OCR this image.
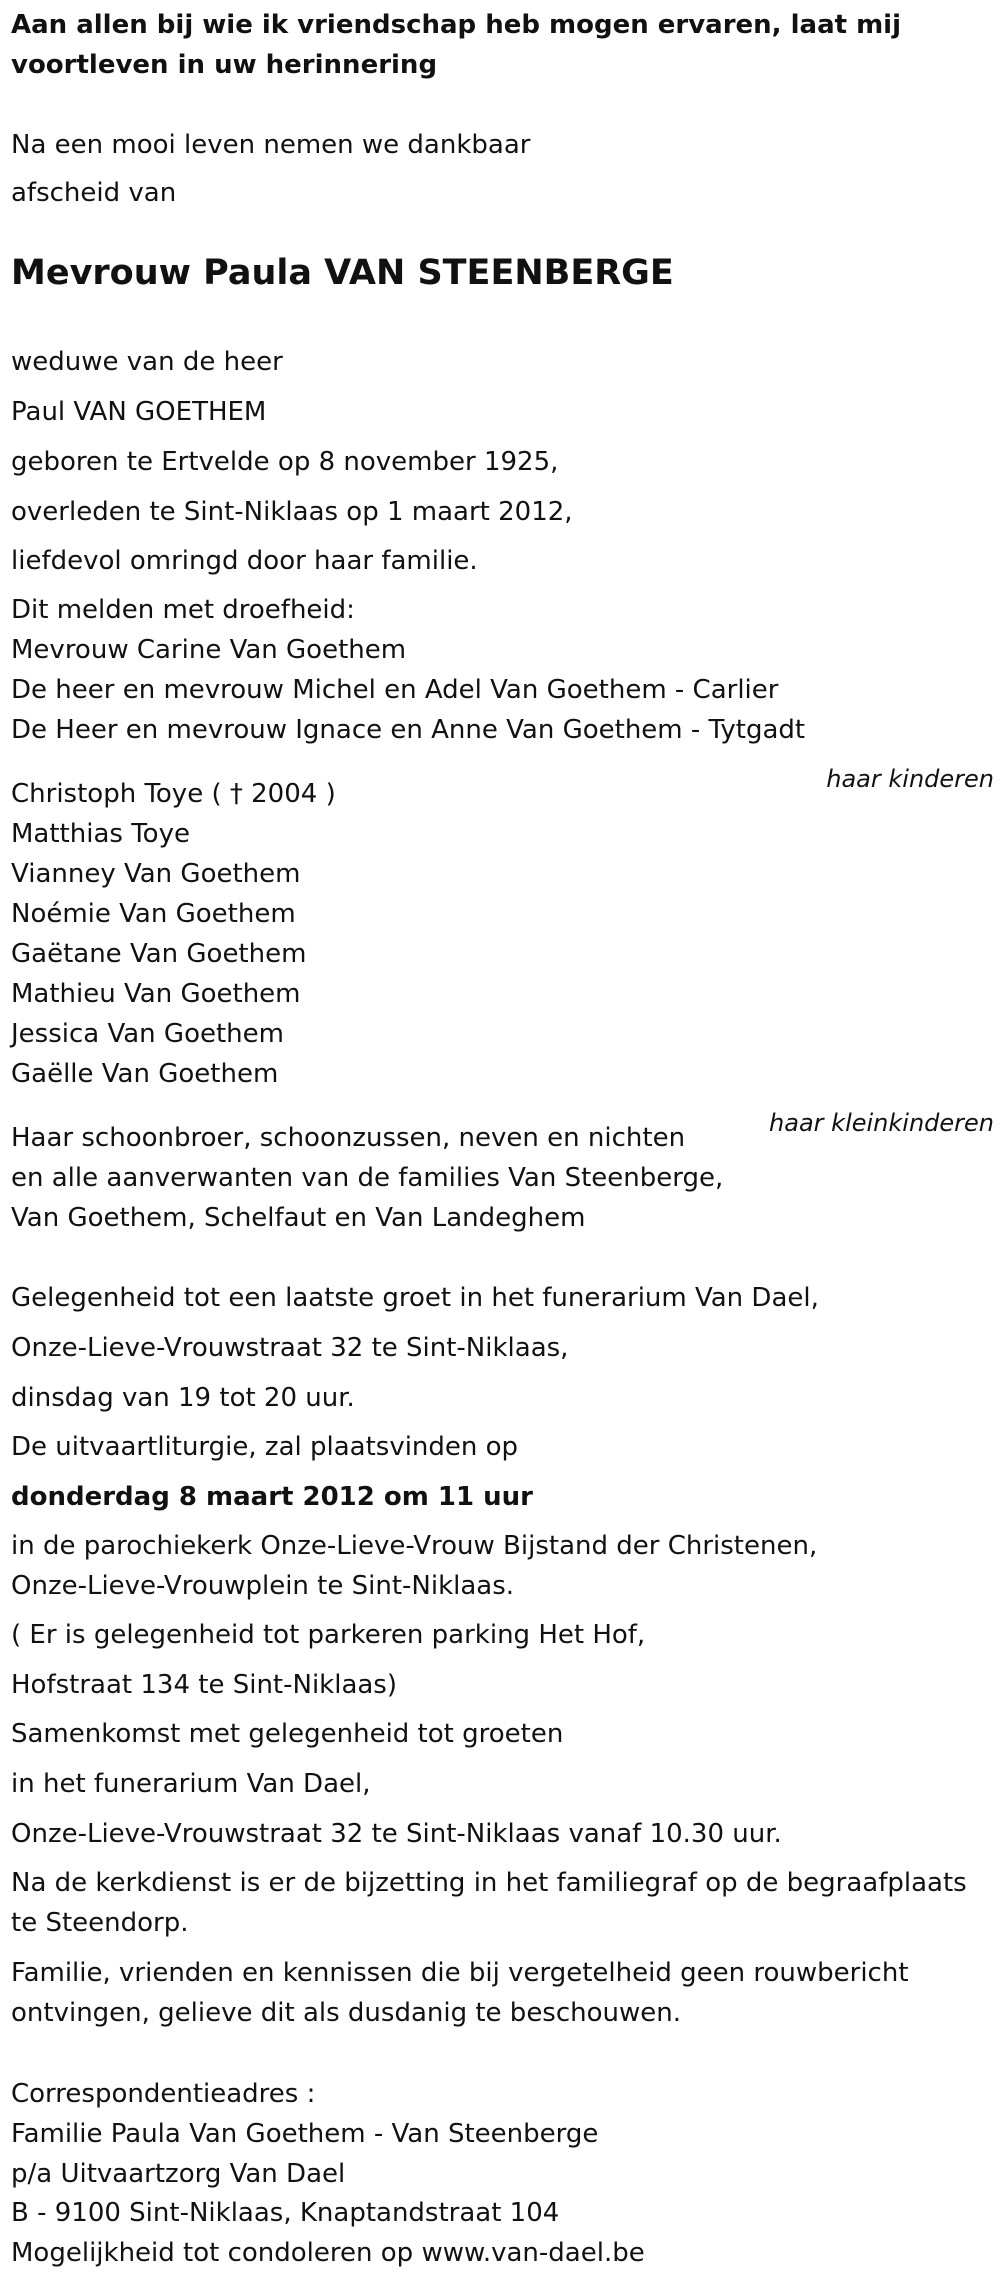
Aan allen bij wie ik vriendschap heb mogen ervaren, laat mij

voortleven in uw herinnering

Na een mooi leven nemen we dankbaar

afscheid van

Mevrouw Paula VAN STEENBERGE

weduwe van de heer

Paul VAN GOETHEM

geboren te Ertvelde op 8 november 1925,

overleden te Sint-Niklaas op 1 maart 2012,

liefdevol omringd door haar familie.

Dit melden met droefheid:

Mevrouw Carine Van Goethem

De heer en mevrouw Michel en Adel Van Goethem - Carlier

De Heer en mevrouw Ignace en Anne Van Goethem - Tytgadt

haar kinderen

Christoph Toye ( † 2004 )

Matthias Toye

Vianney Van Goethem

Noémie Van Goethem

Gaëtane Van Goethem

Mathieu Van Goethem

Jessica Van Goethem

Gaëlle Van Goethem

haar kleinkinderen

Haar schoonbroer, schoonzussen, neven en nichten

en alle aanverwanten van de families Van Steenberge,

Van Goethem, Schelfaut en Van Landeghem

Gelegenheid tot een laatste groet in het funerarium Van Dael,

Onze-Lieve-Vrouwstraat 32 te Sint-Niklaas,

dinsdag van 19 tot 20 uur.

De uitvaartliturgie, zal plaatsvinden op

donderdag 8 maart 2012 om 11 uur

in de parochiekerk Onze-Lieve-Vrouw Bijstand der Christenen,

Onze-Lieve-Vrouwplein te Sint-Niklaas.

( Er is gelegenheid tot parkeren parking Het Hof,

Hofstraat 134 te Sint-Niklaas)

Samenkomst met gelegenheid tot groeten

in het funerarium Van Dael,

Onze-Lieve-Vrouwstraat 32 te Sint-Niklaas vanaf 10.30 uur.

Na de kerkdienst is er de bijzetting in het familiegraf op de begraafplaats

te Steendorp.

Familie, vrienden en kennissen die bij vergetelheid geen rouwbericht

ontvingen, gelieve dit als dusdanig te beschouwen.

Correspondentieadres :

Familie Paula Van Goethem - Van Steenberge

p/a Uitvaartzorg Van Dael

B - 9100 Sint-Niklaas, Knaptandstraat 104

Mogelijkheid tot condoleren op www.van-dael.be
